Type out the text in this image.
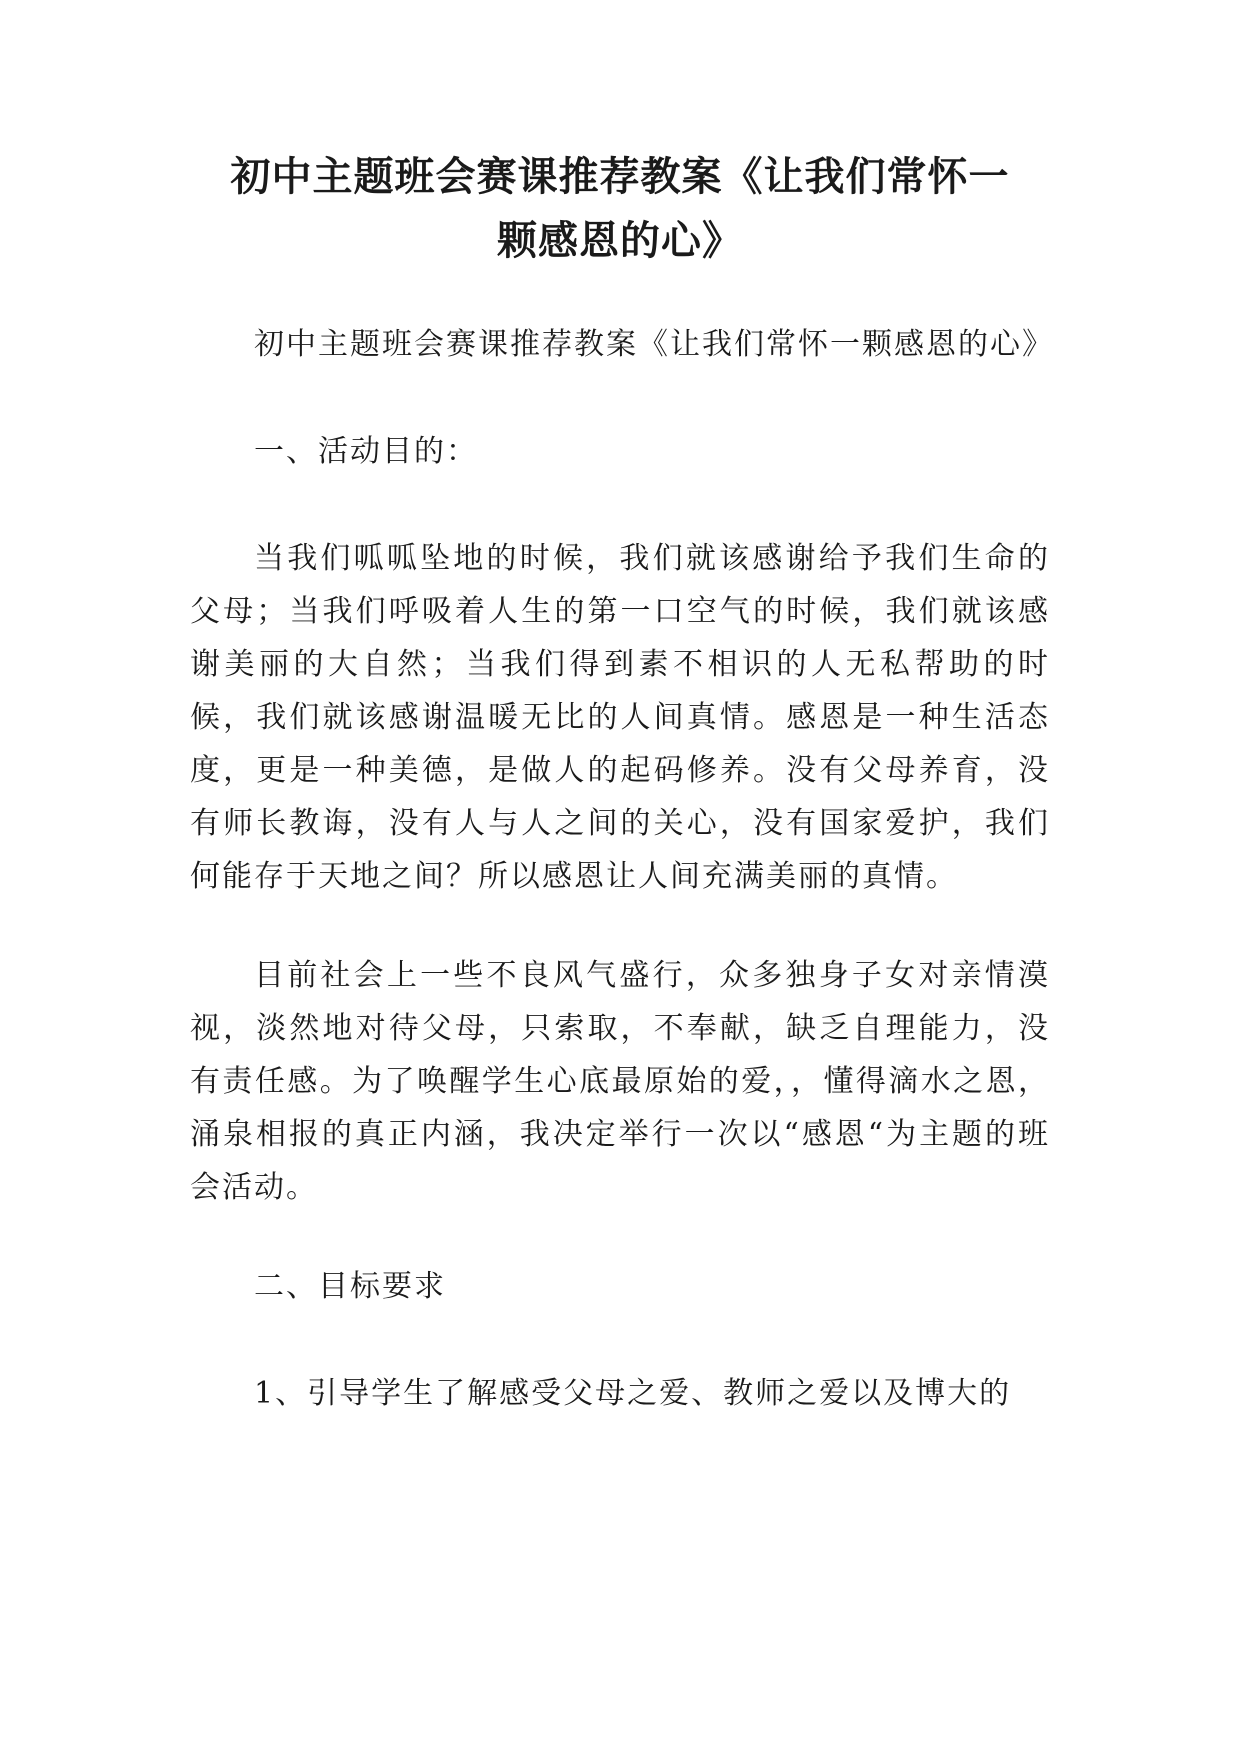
初中主题班会赛课推荐教案《让我们常怀一
颗感恩的心》

初中主题班会赛课推荐教案《让我们常怀一颗感恩的心》

一、活动目的：

当我们呱呱坠地的时候，我们就该感谢给予我们生命的父母；当我们呼吸着人生的第一口空气的时候，我们就该感谢美丽的大自然；当我们得到素不相识的人无私帮助的时候，我们就该感谢温暖无比的人间真情。感恩是一种生活态度，更是一种美德，是做人的起码修养。没有父母养育，没有师长教诲，没有人与人之间的关心，没有国家爱护，我们何能存于天地之间？所以感恩让人间充满美丽的真情。

目前社会上一些不良风气盛行，众多独身子女对亲情漠视，淡然地对待父母，只索取，不奉献，缺乏自理能力，没有责任感。为了唤醒学生心底最原始的爱，，懂得滴水之恩，涌泉相报的真正内涵，我决定举行一次以“感恩“为主题的班会活动。

二、目标要求

1、引导学生了解感受父母之爱、教师之爱以及博大的
